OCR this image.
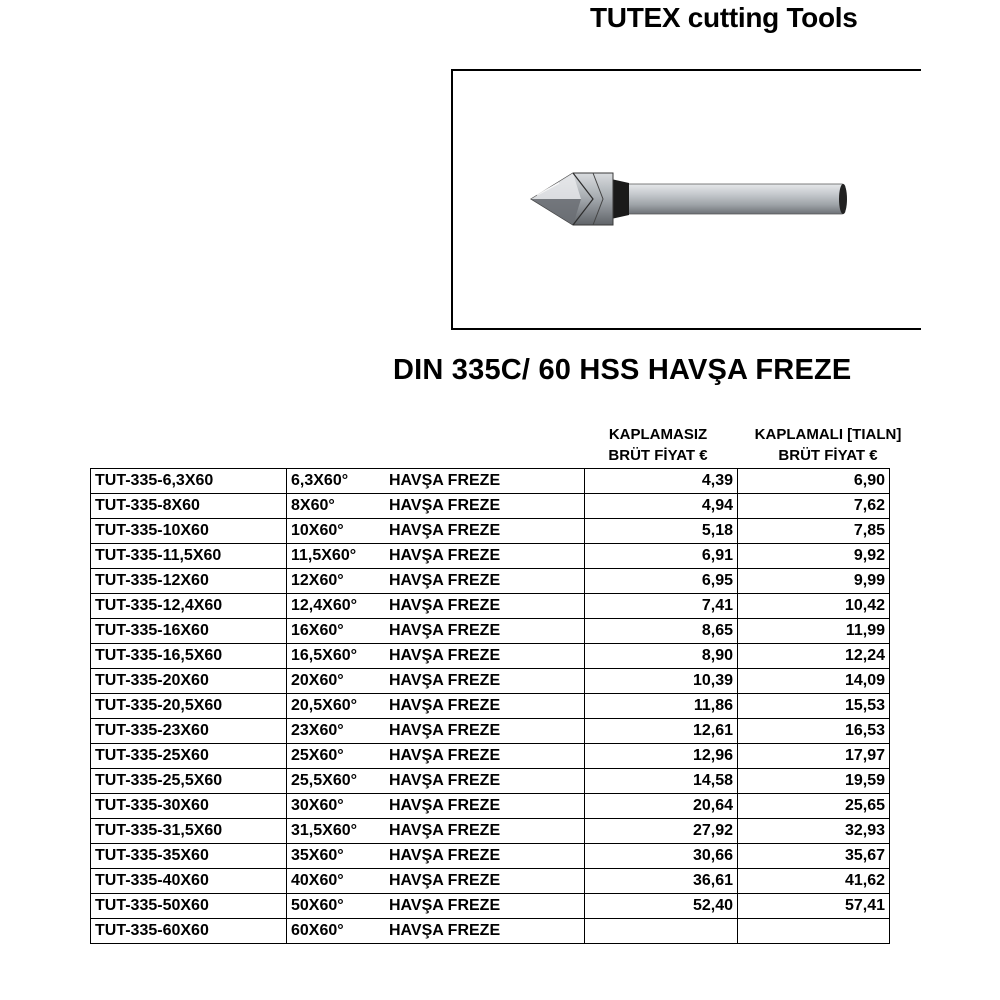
TUTEX cutting Tools
DIN 335C/ 60 HSS HAVŞA FREZE
KAPLAMASIZ
BRÜT FİYAT €
KAPLAMALI [TIALN]
BRÜT FİYAT €
TUT-335-6,3X60	6,3X60° HAVŞA FREZE	4,39	6,90
TUT-335-8X60	8X60° HAVŞA FREZE	4,94	7,62
TUT-335-10X60	10X60° HAVŞA FREZE	5,18	7,85
TUT-335-11,5X60	11,5X60° HAVŞA FREZE	6,91	9,92
TUT-335-12X60	12X60° HAVŞA FREZE	6,95	9,99
TUT-335-12,4X60	12,4X60° HAVŞA FREZE	7,41	10,42
TUT-335-16X60	16X60° HAVŞA FREZE	8,65	11,99
TUT-335-16,5X60	16,5X60° HAVŞA FREZE	8,90	12,24
TUT-335-20X60	20X60° HAVŞA FREZE	10,39	14,09
TUT-335-20,5X60	20,5X60° HAVŞA FREZE	11,86	15,53
TUT-335-23X60	23X60° HAVŞA FREZE	12,61	16,53
TUT-335-25X60	25X60° HAVŞA FREZE	12,96	17,97
TUT-335-25,5X60	25,5X60° HAVŞA FREZE	14,58	19,59
TUT-335-30X60	30X60° HAVŞA FREZE	20,64	25,65
TUT-335-31,5X60	31,5X60° HAVŞA FREZE	27,92	32,93
TUT-335-35X60	35X60° HAVŞA FREZE	30,66	35,67
TUT-335-40X60	40X60° HAVŞA FREZE	36,61	41,62
TUT-335-50X60	50X60° HAVŞA FREZE	52,40	57,41
TUT-335-60X60	60X60° HAVŞA FREZE		
